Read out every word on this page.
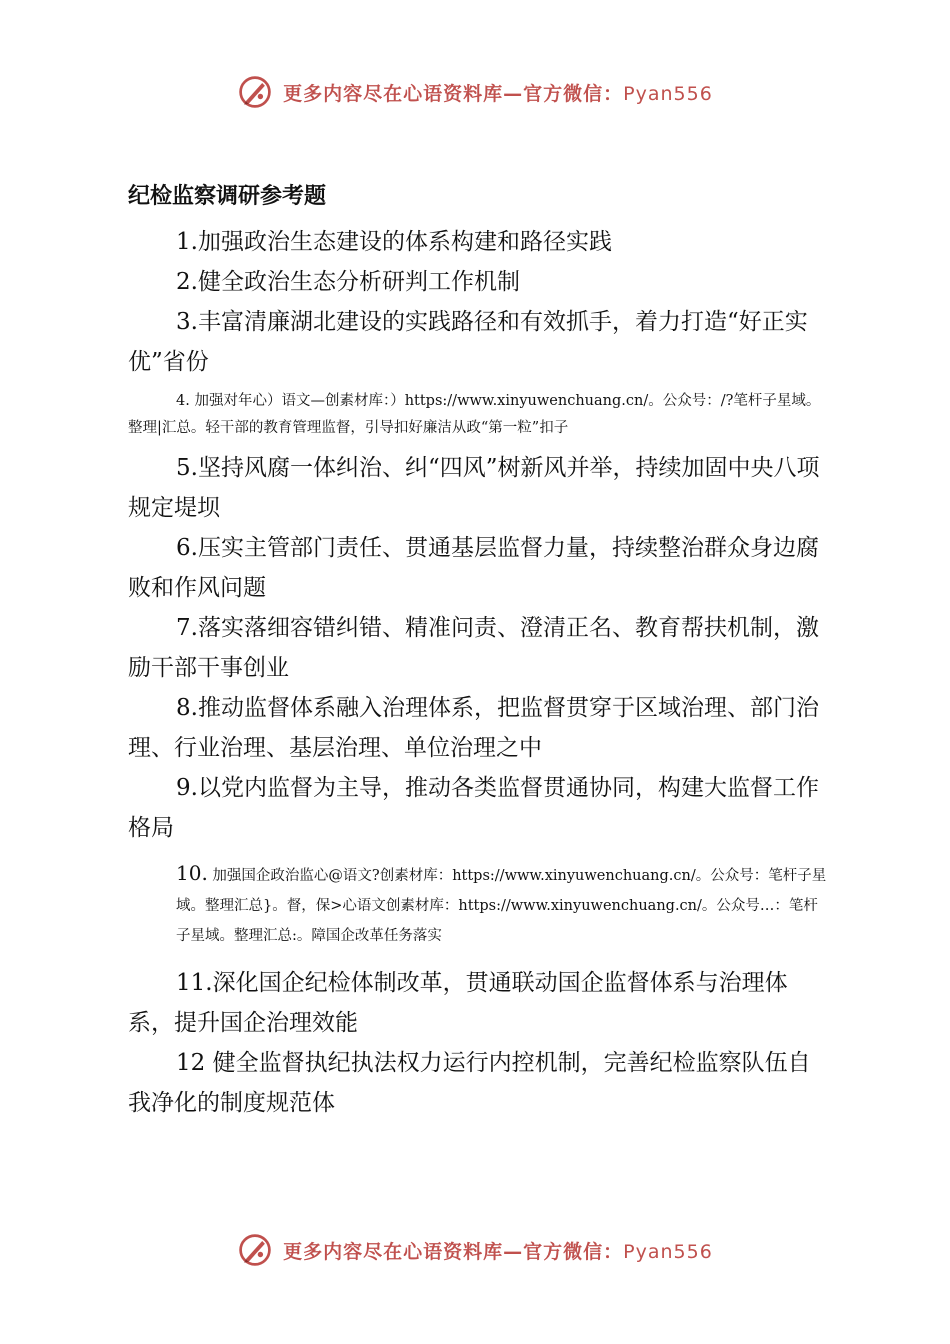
更多内容尽在心语资料库—官方微信：Pyan556
纪检监察调研参考题

1.加强政治生态建设的体系构建和路径实践

2.健全政治生态分析研判工作机制

3.丰富清廉湖北建设的实践路径和有效抓手，着力打造“好正实优”省份

4. 加强对年心）语文—创素材库：）https://www.xinyuwenchuang.cn/。公众号：/?笔杆子星域。整理|汇总。轻干部的教育管理监督，引导扣好廉洁从政“第一粒”扣子

5.坚持风腐一体纠治、纠“四风”树新风并举，持续加固中央八项规定堤坝

6.压实主管部门责任、贯通基层监督力量，持续整治群众身边腐败和作风问题

7.落实落细容错纠错、精准问责、澄清正名、教育帮扶机制，激励干部干事创业

8.推动监督体系融入治理体系，把监督贯穿于区域治理、部门治理、行业治理、基层治理、单位治理之中

9.以党内监督为主导，推动各类监督贯通协同，构建大监督工作格局

10. 加强国企政治监心@语文?创素材库：https://www.xinyuwenchuang.cn/。公众号：笔杆子星域。整理汇总}。督，保>心语文创素材库：https://www.xinyuwenchuang.cn/。公众号…：笔杆子星域。整理汇总:。障国企改革任务落实

11.深化国企纪检体制改革，贯通联动国企监督体系与治理体系，提升国企治理效能

12 健全监督执纪执法权力运行内控机制，完善纪检监察队伍自我净化的制度规范体

更多内容尽在心语资料库—官方微信：Pyan556
